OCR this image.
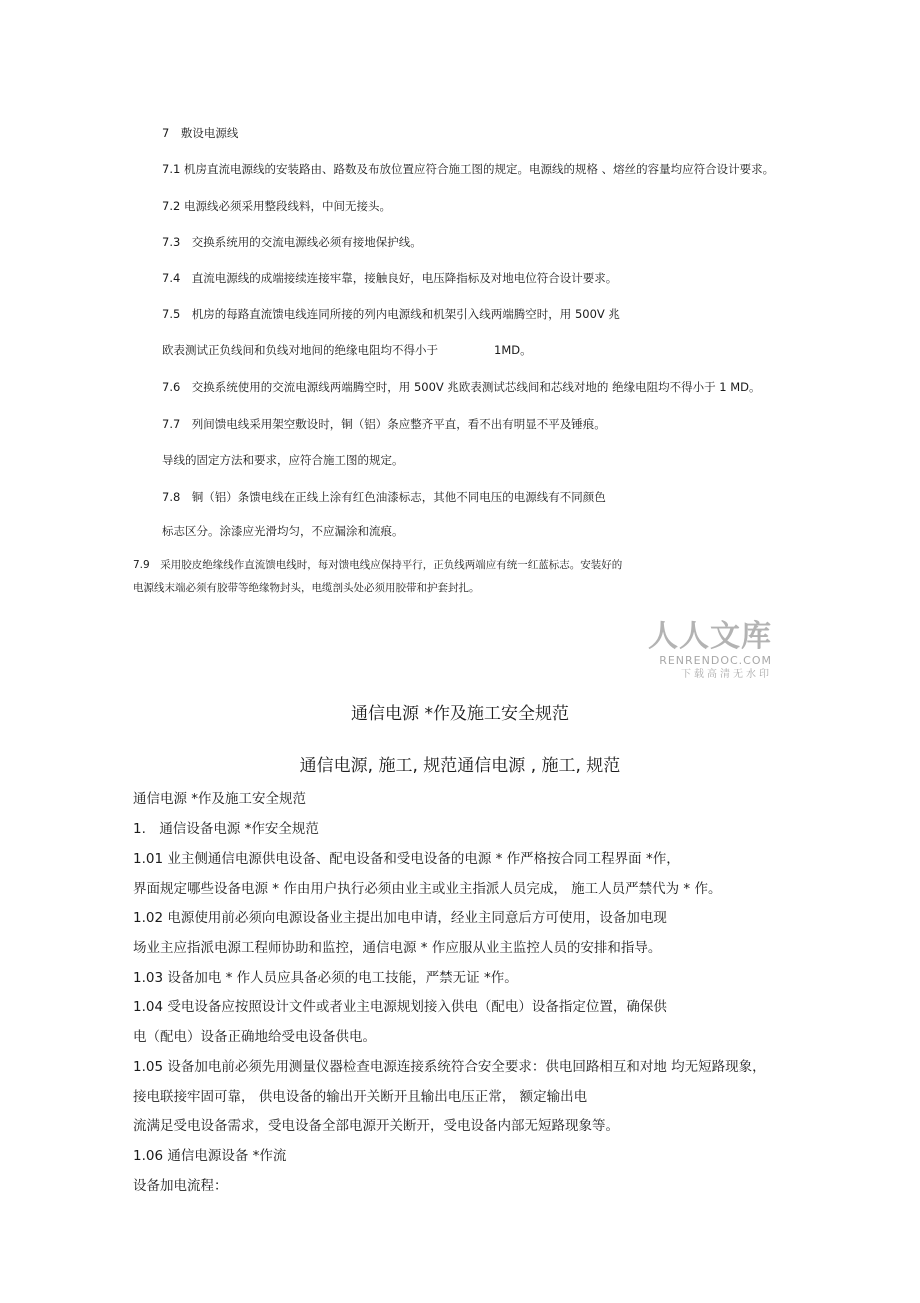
7　敷设电源线

7.1 机房直流电源线的安装路由、路数及布放位置应符合施工图的规定。电源线的规格 、熔丝的容量均应符合设计要求。

7.2 电源线必须采用整段线料，中间无接头。

7.3　交换系统用的交流电源线必须有接地保护线。

7.4　直流电源线的成端接续连接牢靠，接触良好，电压降指标及对地电位符合设计要求。

7.5　机房的每路直流馈电线连同所接的列内电源线和机架引入线两端腾空时，用 500V 兆

欧表测试正负线间和负线对地间的绝缘电阻均不得小于	1MD。

7.6　交换系统使用的交流电源线两端腾空时，用 500V 兆欧表测试芯线间和芯线对地的 绝缘电阻均不得小于 1 MD。

7.7　列间馈电线采用架空敷设时，铜（铝）条应整齐平直，看不出有明显不平及锤痕。

导线的固定方法和要求，应符合施工图的规定。

7.8　铜（铝）条馈电线在正线上涂有红色油漆标志，其他不同电压的电源线有不同颜色

标志区分。涂漆应光滑均匀，不应漏涂和流痕。

7.9　采用胶皮绝缘线作直流馈电线时，每对馈电线应保持平行，正负线两端应有统一红蓝标志。安装好的

电源线末端必须有胶带等绝缘物封头，电缆剖头处必须用胶带和护套封扎。

人人文库
RENRENDOC.COM
下载高清无水印

通信电源 *作及施工安全规范

通信电源, 施工, 规范通信电源 , 施工, 规范

通信电源 *作及施工安全规范

1.　通信设备电源 *作安全规范

1.01 业主侧通信电源供电设备、配电设备和受电设备的电源 * 作严格按合同工程界面 *作，

界面规定哪些设备电源 * 作由用户执行必须由业主或业主指派人员完成， 施工人员严禁代为 * 作。

1.02 电源使用前必须向电源设备业主提出加电申请，经业主同意后方可使用，设备加电现

场业主应指派电源工程师协助和监控，通信电源 * 作应服从业主监控人员的安排和指导。

1.03 设备加电 * 作人员应具备必须的电工技能，严禁无证 *作。

1.04 受电设备应按照设计文件或者业主电源规划接入供电（配电）设备指定位置，确保供

电（配电）设备正确地给受电设备供电。

1.05 设备加电前必须先用测量仪器检查电源连接系统符合安全要求：供电回路相互和对地 均无短路现象，

接电联接牢固可靠， 供电设备的输出开关断开且输出电压正常， 额定输出电

流满足受电设备需求，受电设备全部电源开关断开，受电设备内部无短路现象等。

1.06 通信电源设备 *作流

设备加电流程：
